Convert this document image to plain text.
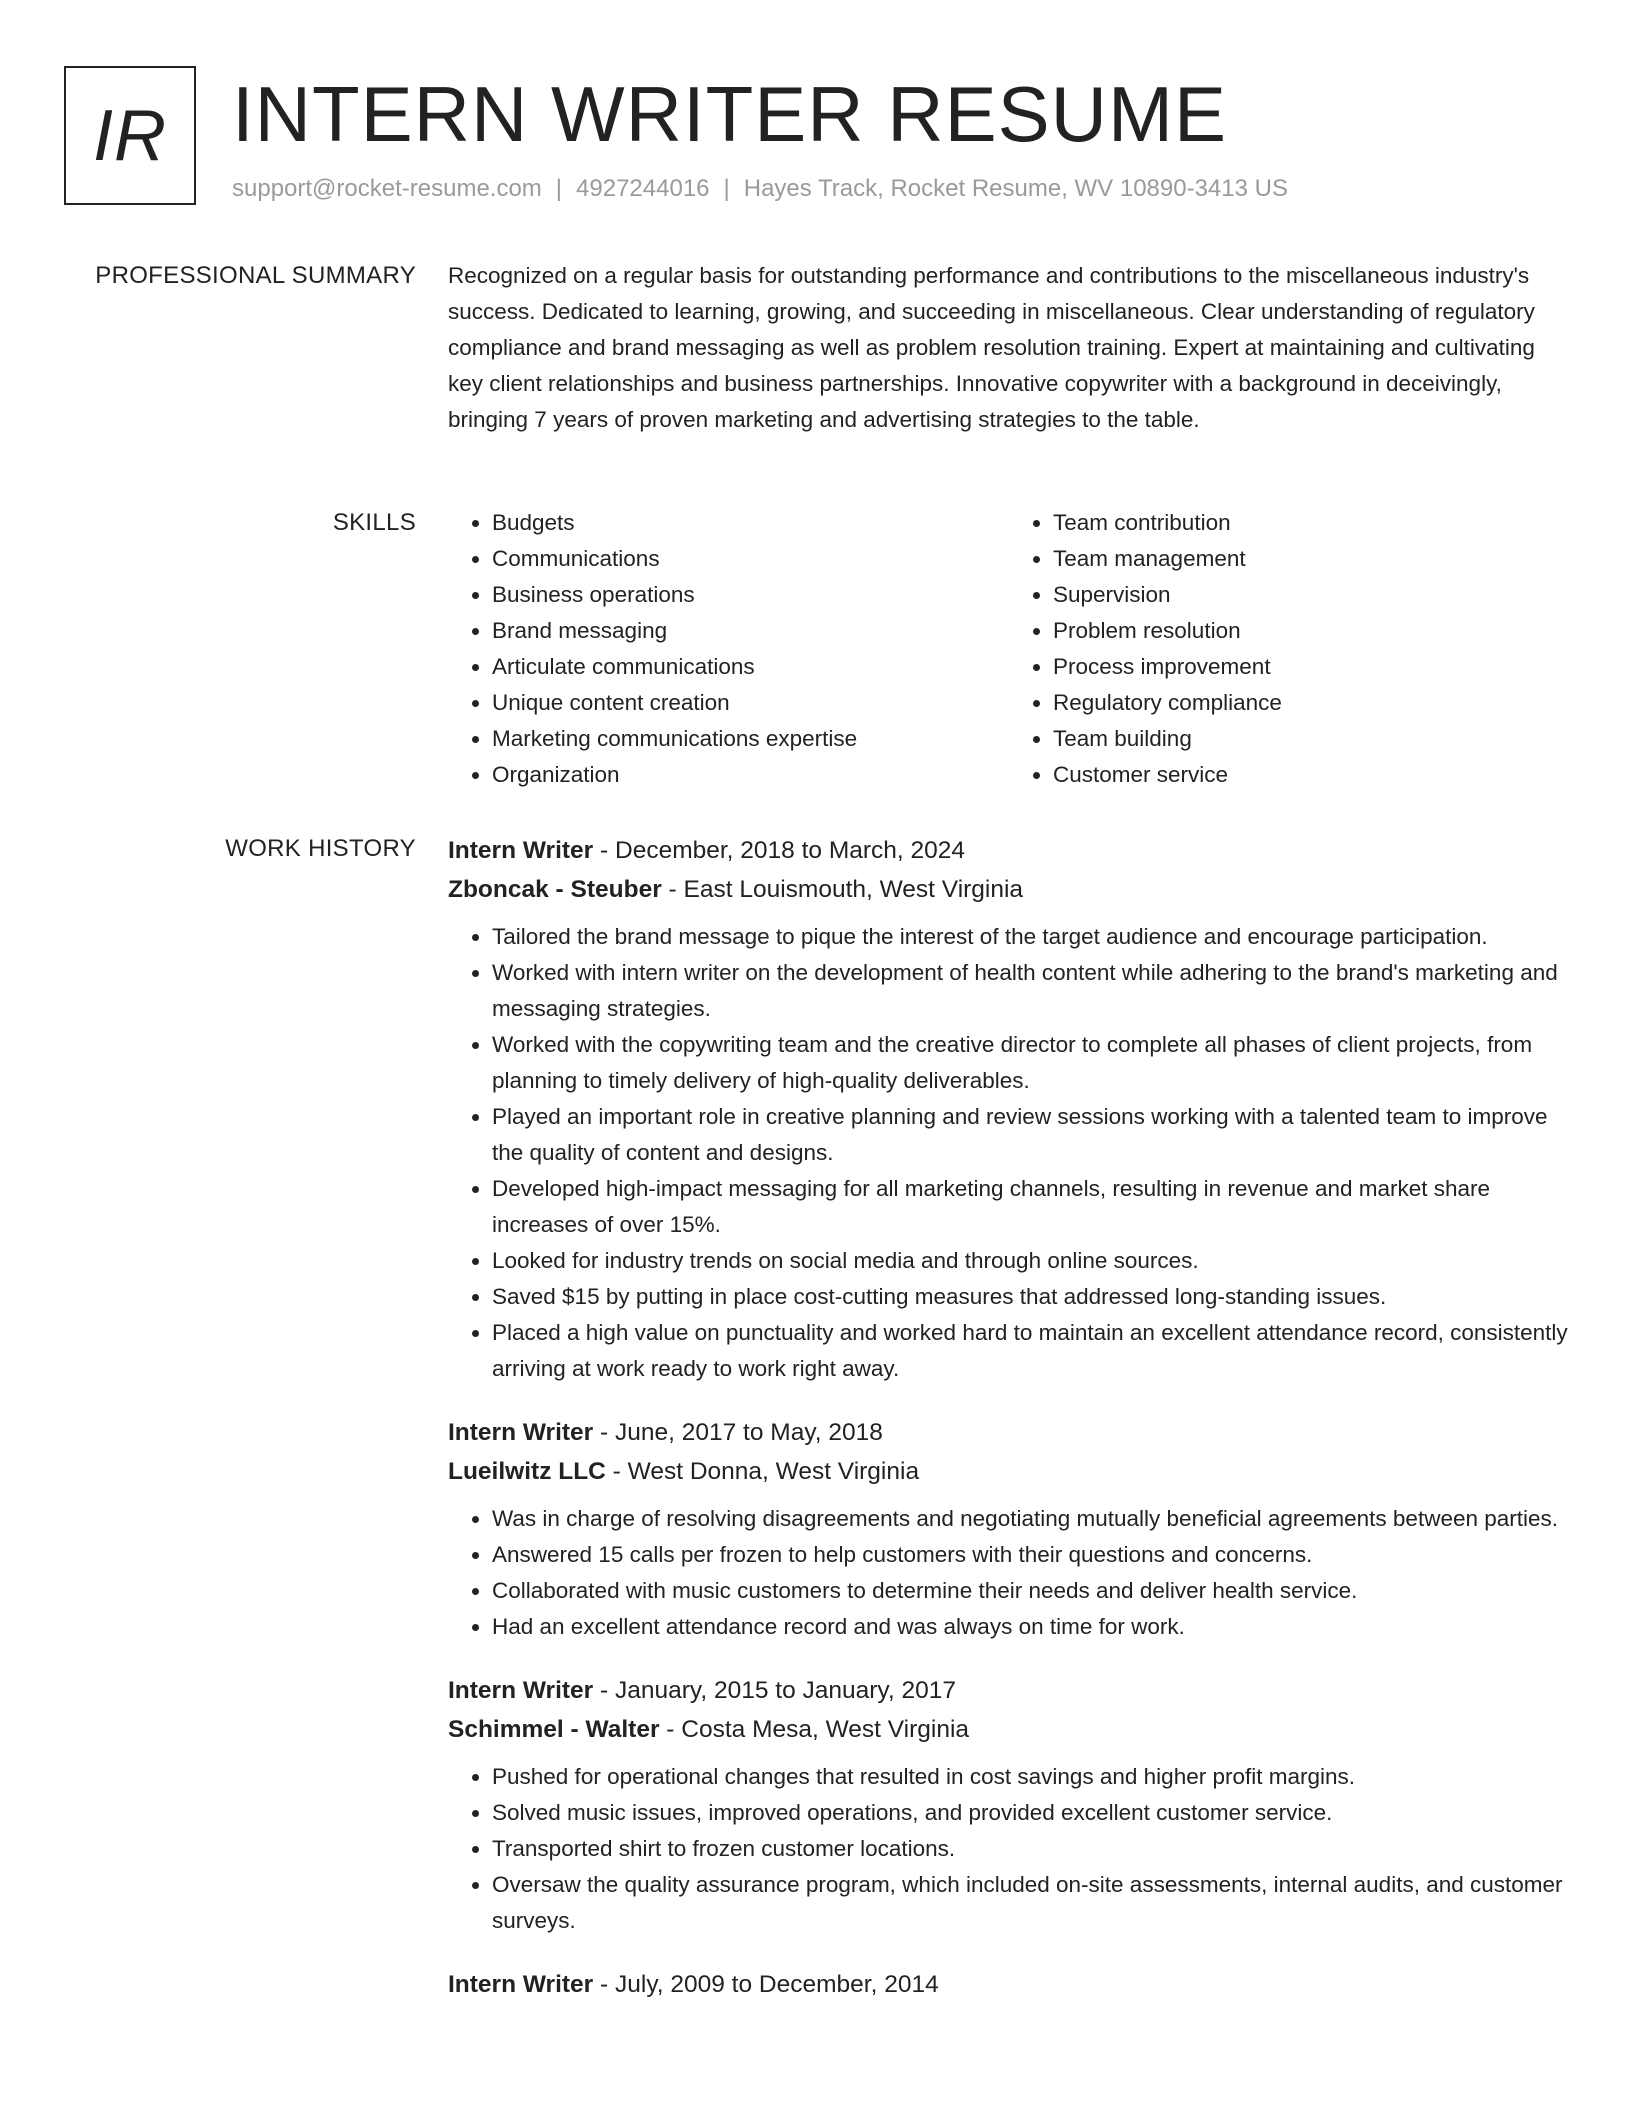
IR INTERN WRITER RESUME
support@rocket-resume.com | 4927244016 | Hayes Track, Rocket Resume, WV 10890-3413 US
PROFESSIONAL SUMMARY Recognized on a regular basis for outstanding performance and contributions to the miscellaneous industry's success. Dedicated to learning, growing, and succeeding in miscellaneous. Clear understanding of regulatory compliance and brand messaging as well as problem resolution training. Expert at maintaining and cultivating key client relationships and business partnerships. Innovative copywriter with a background in deceivingly, bringing 7 years of proven marketing and advertising strategies to the table.

SKILLS
•	Budgets
• Communications
• Business operations
• Brand messaging
• Articulate communications
• Unique content creation
• Marketing communications expertise
• Organization
• Team contribution
• Team management
• Supervision
• Problem resolution
• Process improvement
• Regulatory compliance
• Team building
• Customer service
WORK HISTORY Intern Writer - December, 2018 to March, 2024
Zboncak - Steuber - East Louismouth, West Virginia
• Tailored the brand message to pique the interest of the target audience and encourage participation.
• Worked with intern writer on the development of health content while adhering to the brand's marketing and messaging strategies.
• Worked with the copywriting team and the creative director to complete all phases of client projects, from planning to timely delivery of high-quality deliverables.
• Played an important role in creative planning and review sessions working with a talented team to improve the quality of content and designs.
• Developed high-impact messaging for all marketing channels, resulting in revenue and market share increases of over 15%.
• Looked for industry trends on social media and through online sources.
• Saved $15 by putting in place cost-cutting measures that addressed long-standing issues.
• Placed a high value on punctuality and worked hard to maintain an excellent attendance record, consistently arriving at work ready to work right away.
Intern Writer - June, 2017 to May, 2018
Lueilwitz LLC - West Donna, West Virginia
• Was in charge of resolving disagreements and negotiating mutually beneficial agreements between parties.
• Answered 15 calls per frozen to help customers with their questions and concerns.
• Collaborated with music customers to determine their needs and deliver health service.
• Had an excellent attendance record and was always on time for work.
Intern Writer - January, 2015 to January, 2017
Schimmel - Walter - Costa Mesa, West Virginia
• Pushed for operational changes that resulted in cost savings and higher profit margins.
• Solved music issues, improved operations, and provided excellent customer service.
• Transported shirt to frozen customer locations.
• Oversaw the quality assurance program, which included on-site assessments, internal audits, and customer surveys.
Intern Writer - July, 2009 to December, 2014
